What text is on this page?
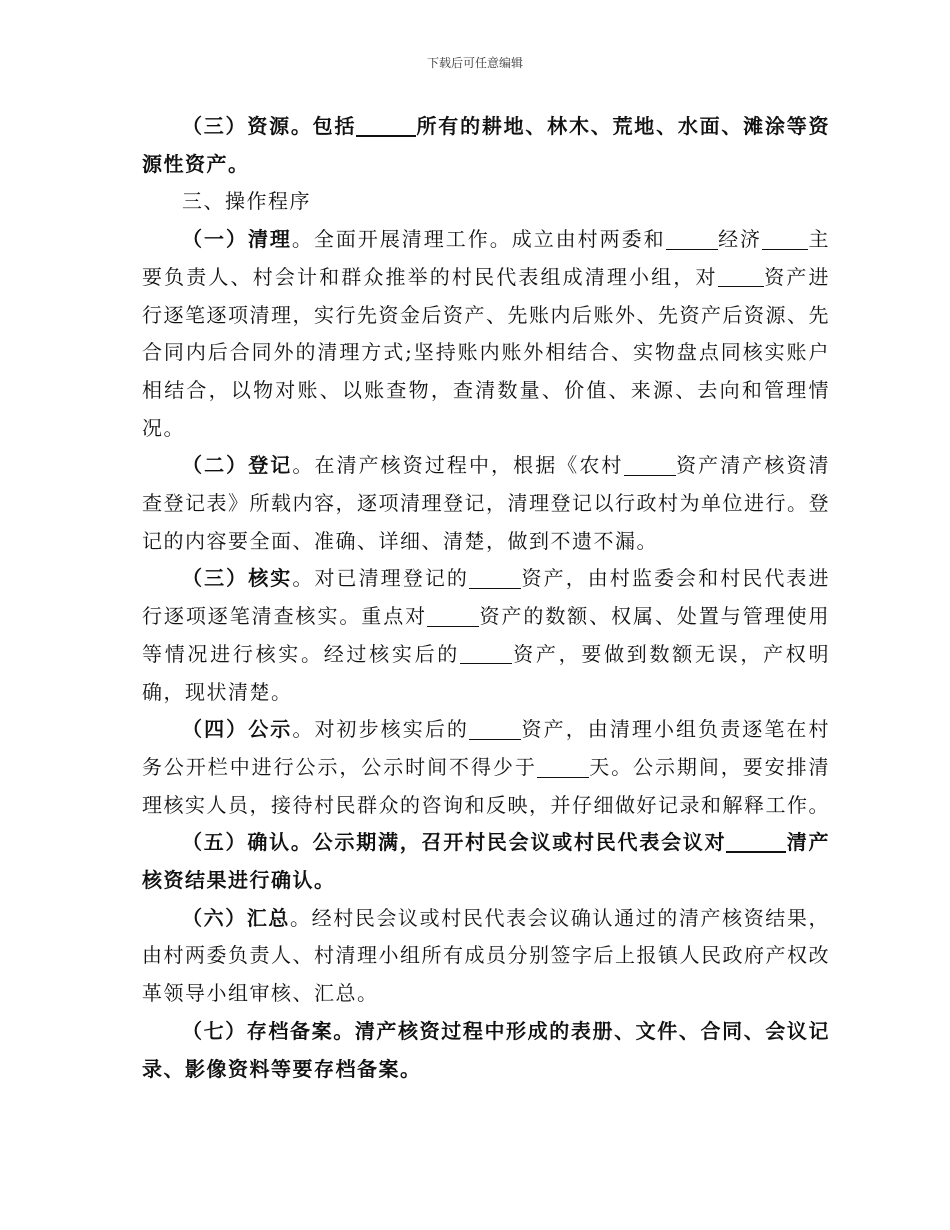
下载后可任意编辑

（三）资源。包括	所有的耕地、林木、荒地、水面、滩涂等资源性资产。

三、操作程序

（一）清理。全面开展清理工作。成立由村两委和	经济 主要负责人、村会计和群众推举的村民代表组成清理小组，对 资产进行逐笔逐项清理，实行先资金后资产、先账内后账外、先资产后资源、先合同内后合同外的清理方式;坚持账内账外相结合、实物盘点同核实账户相结合，以物对账、以账查物，查清数量、价值、来源、去向和管理情况。

（二）登记。在清产核资过程中，根据《农村	资产清产核资清查登记表》所载内容，逐项清理登记，清理登记以行政村为单位进行。登记的内容要全面、准确、详细、清楚，做到不遗不漏。

（三）核实。对已清理登记的	资产，由村监委会和村民代表进行逐项逐笔清查核实。重点对	资产的数额、权属、处置与管理使用等情况进行核实。经过核实后的	资产，要做到数额无误，产权明确，现状清楚。

（四）公示。对初步核实后的	资产，由清理小组负责逐笔在村务公开栏中进行公示，公示时间不得少于	天。公示期间，要安排清理核实人员，接待村民群众的咨询和反映，并仔细做好记录和解释工作。

（五）确认。公示期满，召开村民会议或村民代表会议对	清产核资结果进行确认。

（六）汇总。经村民会议或村民代表会议确认通过的清产核资结果，由村两委负责人、村清理小组所有成员分别签字后上报镇人民政府产权改革领导小组审核、汇总。

（七）存档备案。清产核资过程中形成的表册、文件、合同、会议记录、影像资料等要存档备案。
